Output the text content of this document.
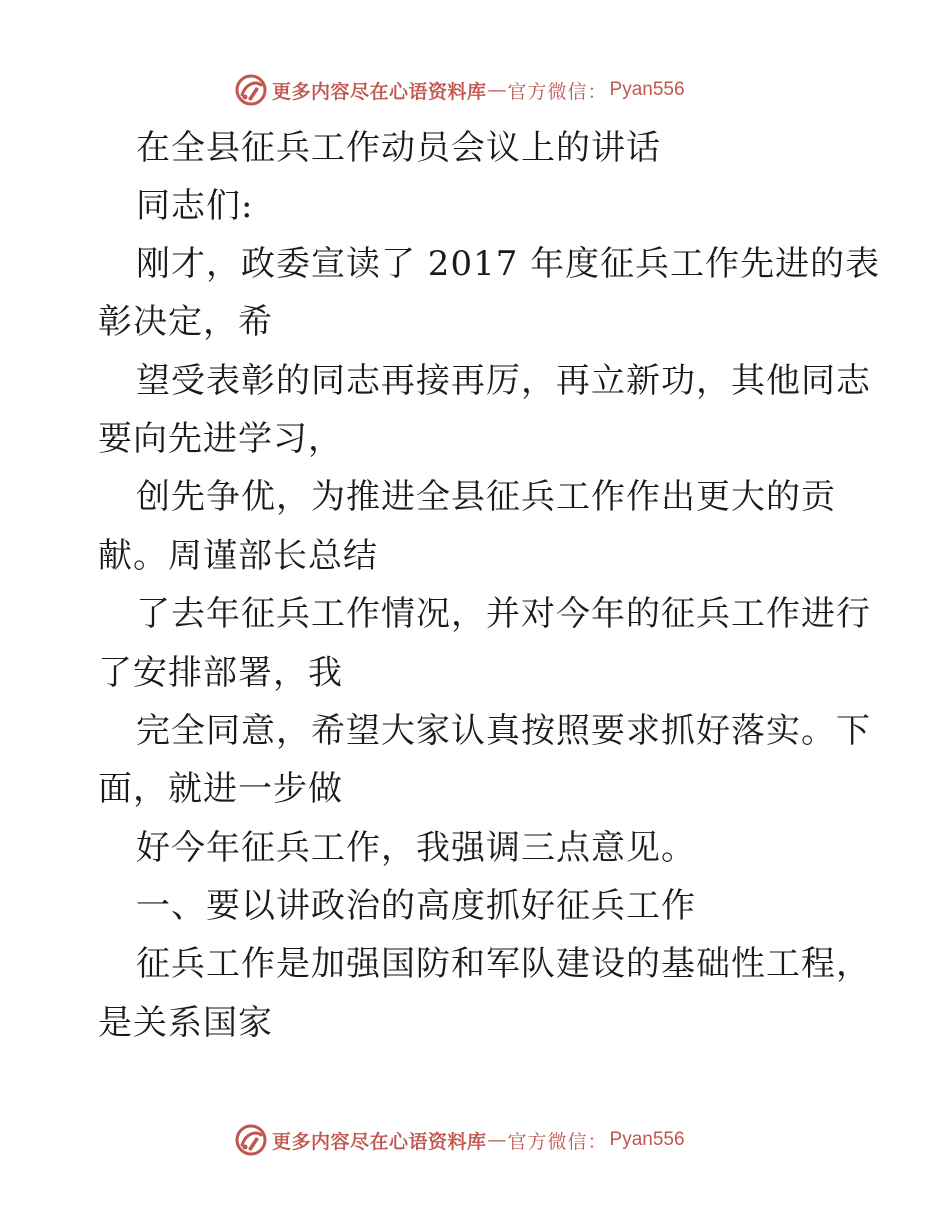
更多内容尽在心语资料库 — 官方微信： Pyan556
在全县征兵工作动员会议上的讲话
同志们:
刚才，政委宣读了 2017 年度征兵工作先进的表
彰决定，希
望受表彰的同志再接再厉，再立新功，其他同志
要向先进学习，
创先争优，为推进全县征兵工作作出更大的贡
献。周谨部长总结
了去年征兵工作情况，并对今年的征兵工作进行
了安排部署，我
完全同意，希望大家认真按照要求抓好落实。下
面，就进一步做
好今年征兵工作，我强调三点意见。
一、要以讲政治的高度抓好征兵工作
征兵工作是加强国防和军队建设的基础性工程，
是关系国家
更多内容尽在心语资料库 — 官方微信： Pyan556
